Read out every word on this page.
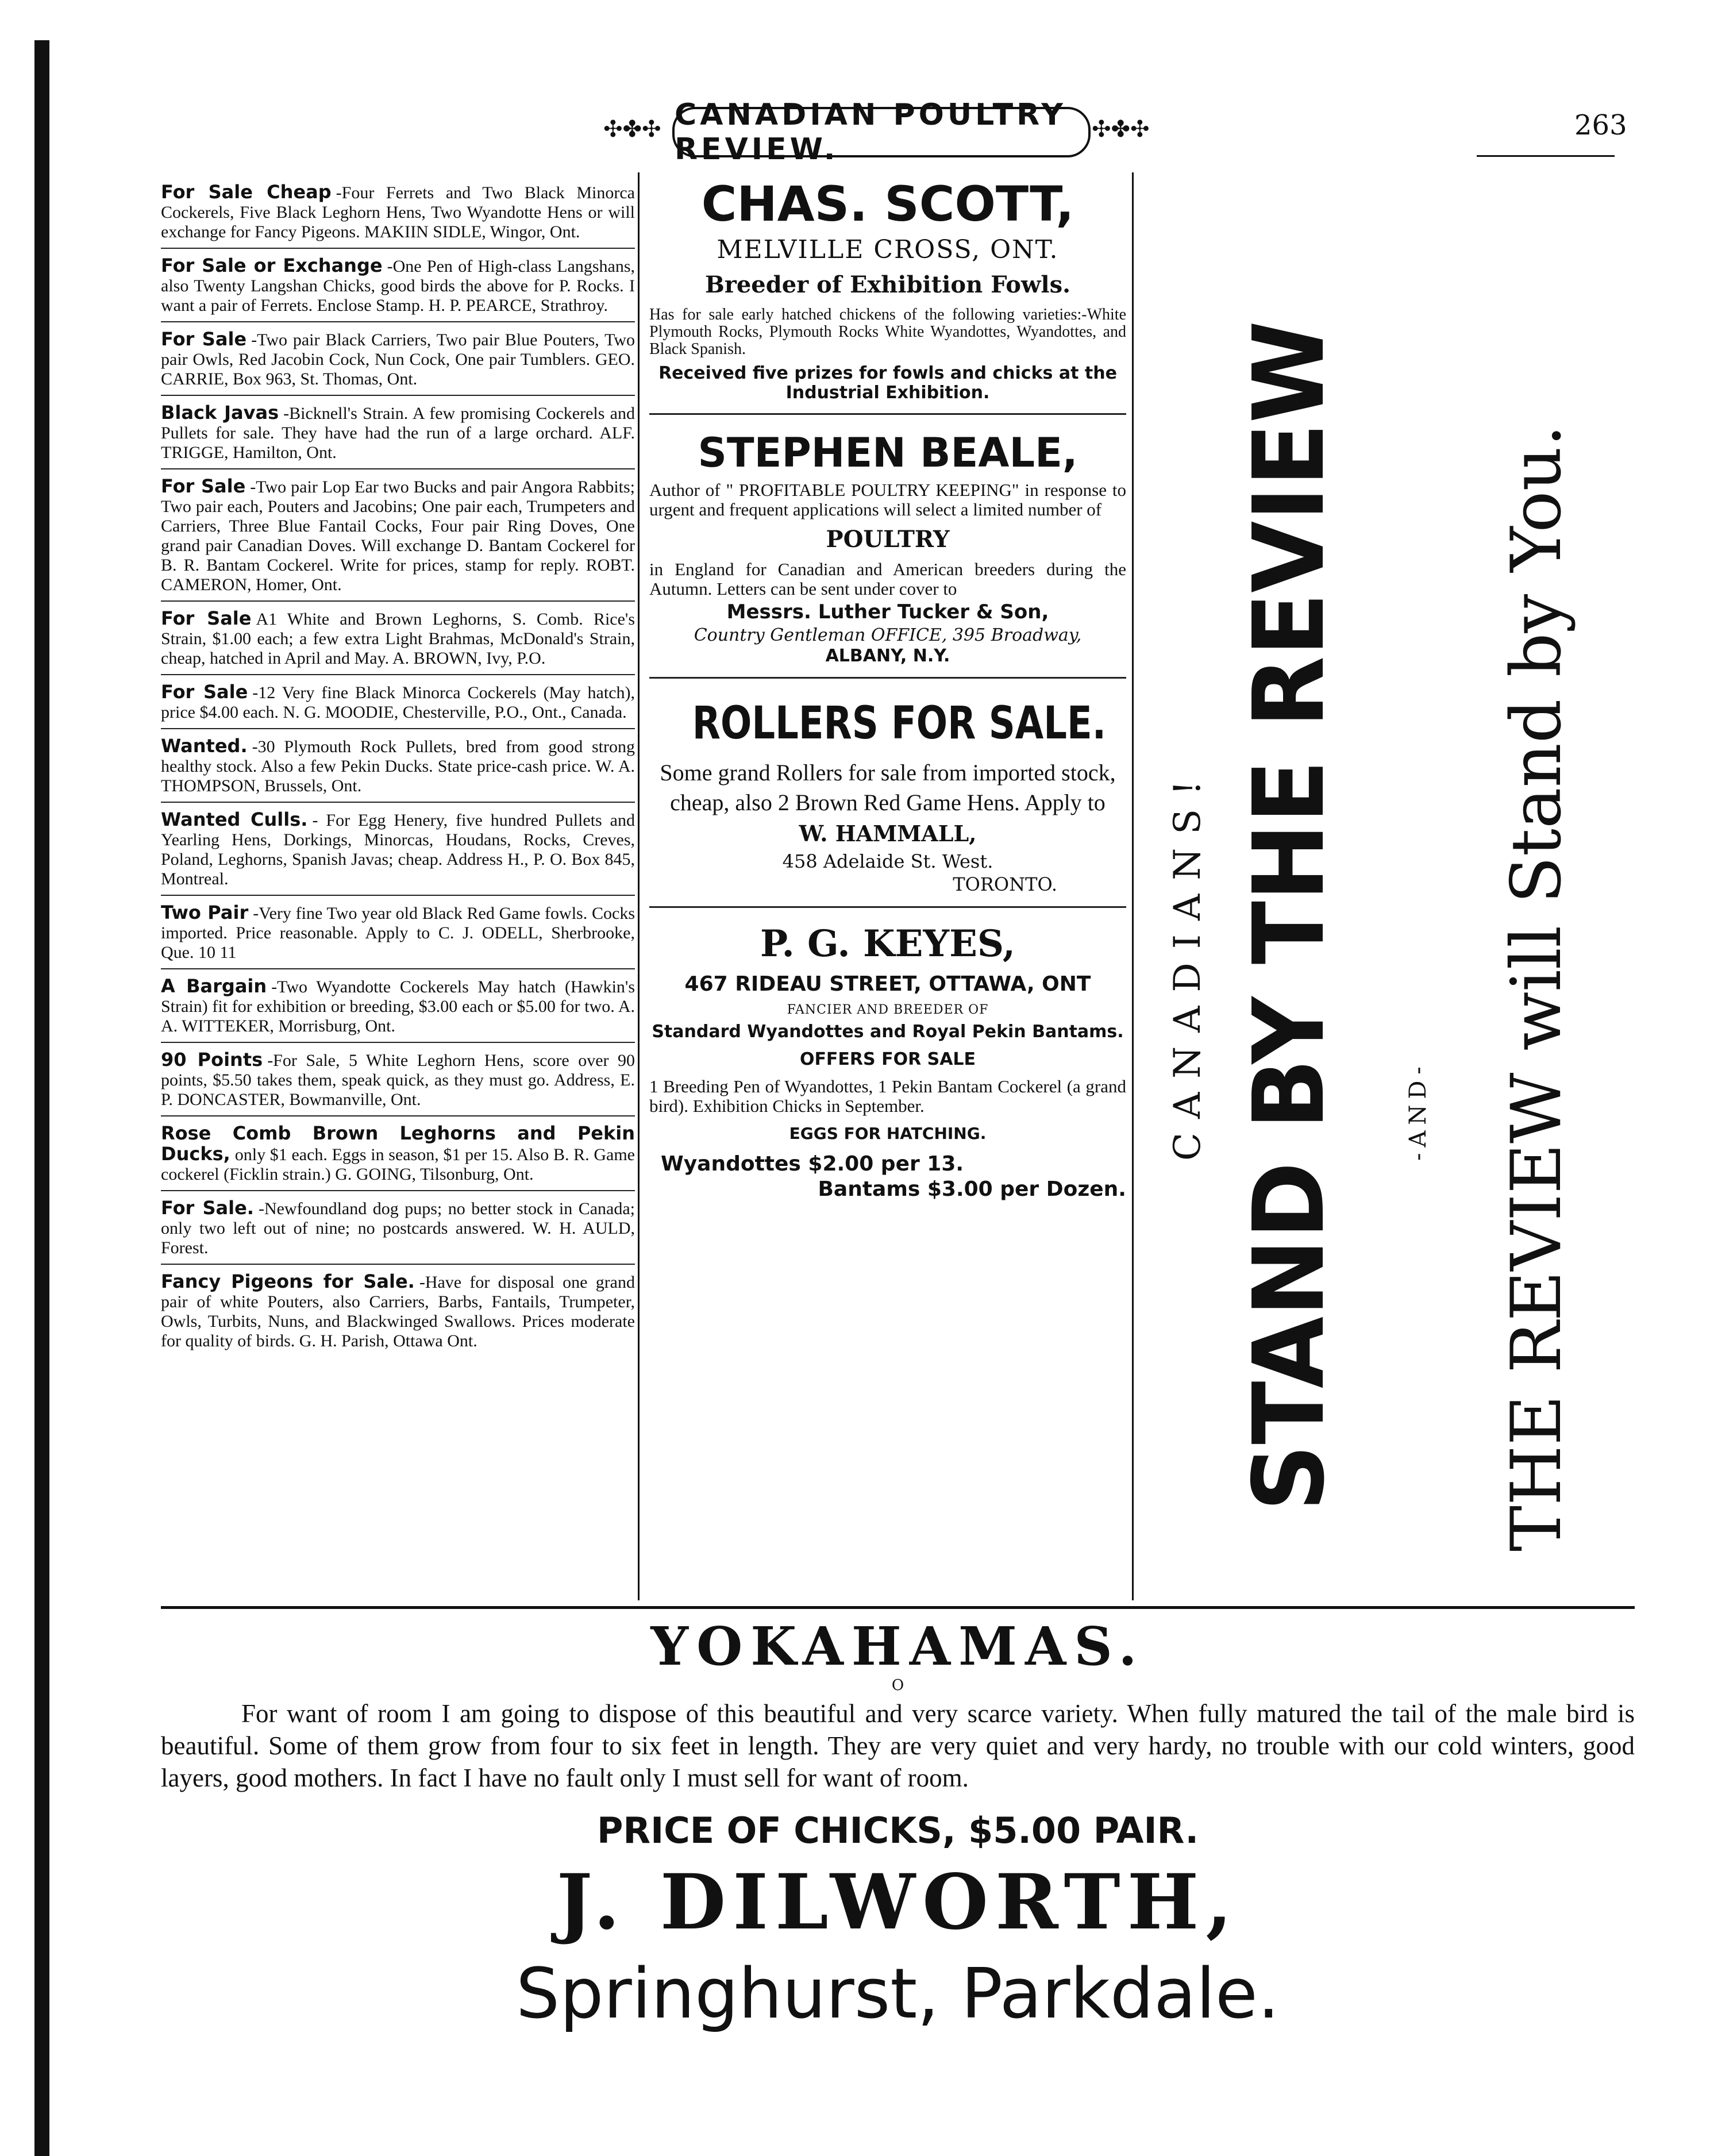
✣✤✣ CANADIAN POULTRY REVIEW.
✣✤✣	263
For Sale Cheap -Four Ferrets and Two Black Minorca Cockerels, Five Black Leghorn Hens, Two Wyandotte Hens or will exchange for Fancy Pigeons. MAKIIN SIDLE, Wingor, Ont.
For Sale or Exchange -One Pen of High-class Langshans, also Twenty Langshan Chicks, good birds the above for P. Rocks. I want a pair of Ferrets. Enclose Stamp. H. P. PEARCE, Strathroy.
For Sale -Two pair Black Carriers, Two pair Blue Pouters, Two pair Owls, Red Jacobin Cock, Nun Cock, One pair Tumblers. GEO. CARRIE, Box 963, St. Thomas, Ont.
Black Javas -Bicknell's Strain. A few promising Cockerels and Pullets for sale. They have had the run of a large orchard. ALF. TRIGGE, Hamilton, Ont.
For Sale -Two pair Lop Ear two Bucks and pair Angora Rabbits; Two pair each, Pouters and Jacobins; One pair each, Trumpeters and Carriers, Three Blue Fantail Cocks, Four pair Ring Doves, One grand pair Canadian Doves. Will exchange D. Bantam Cockerel for B. R. Bantam Cockerel. Write for prices, stamp for reply. ROBT. CAMERON, Homer, Ont.
For Sale A1 White and Brown Leghorns, S. Comb. Rice's Strain, $1.00 each; a few extra Light Brahmas, McDonald's Strain, cheap, hatched in April and May. A. BROWN, Ivy, P.O.
For Sale -12 Very fine Black Minorca Cockerels (May hatch), price $4.00 each. N. G. MOODIE, Chesterville, P.O., Ont., Canada.
Wanted. -30 Plymouth Rock Pullets, bred from good strong healthy stock. Also a few Pekin Ducks. State price-cash price. W. A. THOMPSON, Brussels, Ont.
Wanted Culls. - For Egg Henery, five hundred Pullets and Yearling Hens, Dorkings, Minorcas, Houdans, Rocks, Creves, Poland, Leghorns, Spanish Javas; cheap. Address H., P. O. Box 845, Montreal.
Two Pair -Very fine Two year old Black Red Game fowls. Cocks imported. Price reasonable. Apply to C. J. ODELL, Sherbrooke, Que. 10 11
A Bargain -Two Wyandotte Cockerels May hatch (Hawkin's Strain) fit for exhibition or breeding, $3.00 each or $5.00 for two. A. A. WITTEKER, Morrisburg, Ont.
90 Points -For Sale, 5 White Leghorn Hens, score over 90 points, $5.50 takes them, speak quick, as they must go. Address, E. P. DONCASTER, Bowmanville, Ont.
Rose Comb Brown Leghorns and Pekin Ducks, only $1 each. Eggs in season, $1 per 15. Also B. R. Game cockerel (Ficklin strain.) G. GOING, Tilsonburg, Ont.
For Sale. -Newfoundland dog pups; no better stock in Canada; only two left out of nine; no postcards answered. W. H. AULD, Forest.
Fancy Pigeons for Sale. -Have for disposal one grand pair of white Pouters, also Carriers, Barbs, Fantails, Trumpeter, Owls, Turbits, Nuns, and Blackwinged Swallows. Prices moderate for quality of birds. G. H. Parish, Ottawa Ont.
CHAS. SCOTT,
MELVILLE CROSS, ONT.
Breeder of Exhibition Fowls.
Has for sale early hatched chickens of the following varieties:-White Plymouth Rocks, Plymouth Rocks White Wyandottes, Wyandottes, and Black Spanish.
Received five prizes for fowls and chicks at the Industrial Exhibition.
STEPHEN BEALE,
Author of " PROFITABLE POULTRY KEEPING" in response to urgent and frequent applications will select a limited number of
POULTRY
in England for Canadian and American breeders during the Autumn. Letters can be sent under cover to
Messrs. Luther Tucker & Son,
Country Gentleman OFFICE, 395 Broadway,
ALBANY, N.Y.
ROLLERS FOR SALE.
Some grand Rollers for sale from imported stock, cheap, also 2 Brown Red Game Hens. Apply to
W. HAMMALL,
458 Adelaide St. West.
TORONTO.
P. G. KEYES,
467 RIDEAU STREET, OTTAWA, ONT
FANCIER AND BREEDER OF
Standard Wyandottes and Royal Pekin Bantams.
OFFERS FOR SALE
1 Breeding Pen of Wyandottes, 1 Pekin Bantam Cockerel (a grand bird). Exhibition Chicks in September.
EGGS FOR HATCHING.
Wyandottes $2.00 per 13.
Bantams $3.00 per Dozen.
CANADIANS! STAND BY THE REVIEW	-AND- THE REVIEW will Stand by You.
YOKAHAMAS.
O
For want of room I am going to dispose of this beautiful and very scarce variety. When fully matured the tail of the male bird is beautiful. Some of them grow from four to six feet in length. They are very quiet and very hardy, no trouble with our cold winters, good layers, good mothers. In fact I have no fault only I must sell for want of room.
PRICE OF CHICKS, $5.00 PAIR.
J. DILWORTH,
Springhurst, Parkdale.
